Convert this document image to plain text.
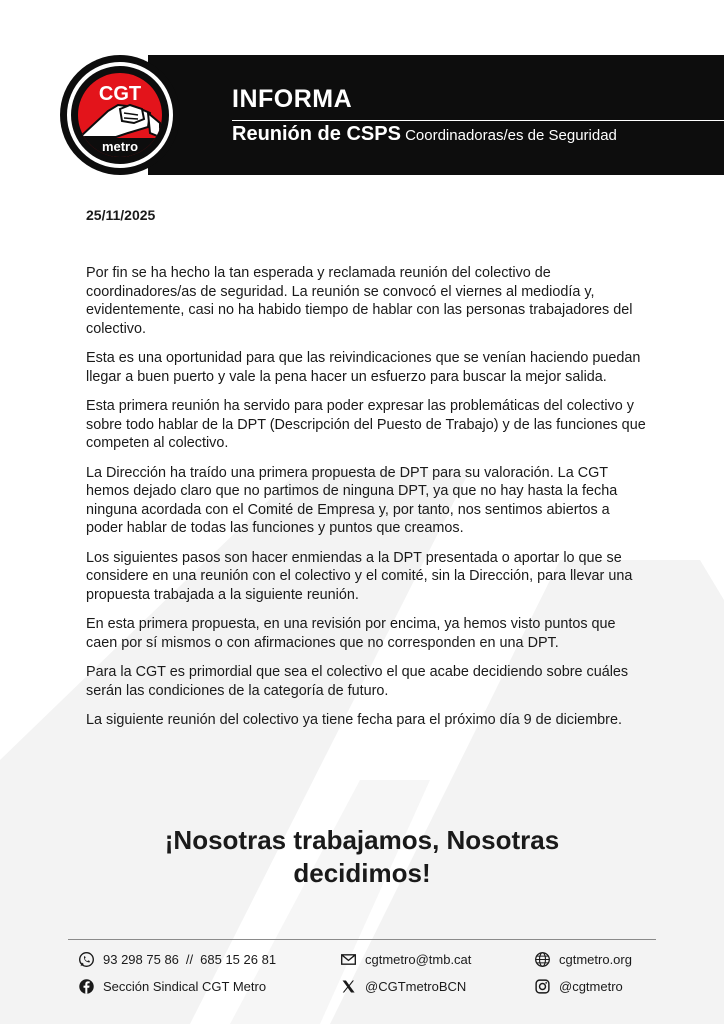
CGT
metro
INFORMA
Reunión de CSPS Coordinadoras/es de Seguridad
25/11/2025

Por fin se ha hecho la tan esperada y reclamada reunión del colectivo de coordinadores/as de seguridad. La reunión se convocó el viernes al mediodía y, evidentemente, casi no ha habido tiempo de hablar con las personas trabajadores del colectivo.

Esta es una oportunidad para que las reivindicaciones que se venían haciendo puedan llegar a buen puerto y vale la pena hacer un esfuerzo para buscar la mejor salida.

Esta primera reunión ha servido para poder expresar las problemáticas del colectivo y sobre todo hablar de la DPT (Descripción del Puesto de Trabajo) y de las funciones que competen al colectivo.

La Dirección ha traído una primera propuesta de DPT para su valoración. La CGT hemos dejado claro que no partimos de ninguna DPT, ya que no hay hasta la fecha ninguna acordada con el Comité de Empresa y, por tanto, nos sentimos abiertos a poder hablar de todas las funciones y puntos que creamos.

Los siguientes pasos son hacer enmiendas a la DPT presentada o aportar lo que se considere en una reunión con el colectivo y el comité, sin la Dirección, para llevar una propuesta trabajada a la siguiente reunión.

En esta primera propuesta, en una revisión por encima, ya hemos visto puntos que caen por sí mismos o con afirmaciones que no corresponden en una DPT.

Para la CGT es primordial que sea el colectivo el que acabe decidiendo sobre cuáles serán las condiciones de la categoría de futuro.

La siguiente reunión del colectivo ya tiene fecha para el próximo día 9 de diciembre.

¡Nosotras trabajamos, Nosotras decidimos!
93 298 75 86 // 685 15 26 81	cgtmetro@tmb.cat	cgtmetro.org
Sección Sindical CGT Metro	@CGTmetroBCN	@cgtmetro
